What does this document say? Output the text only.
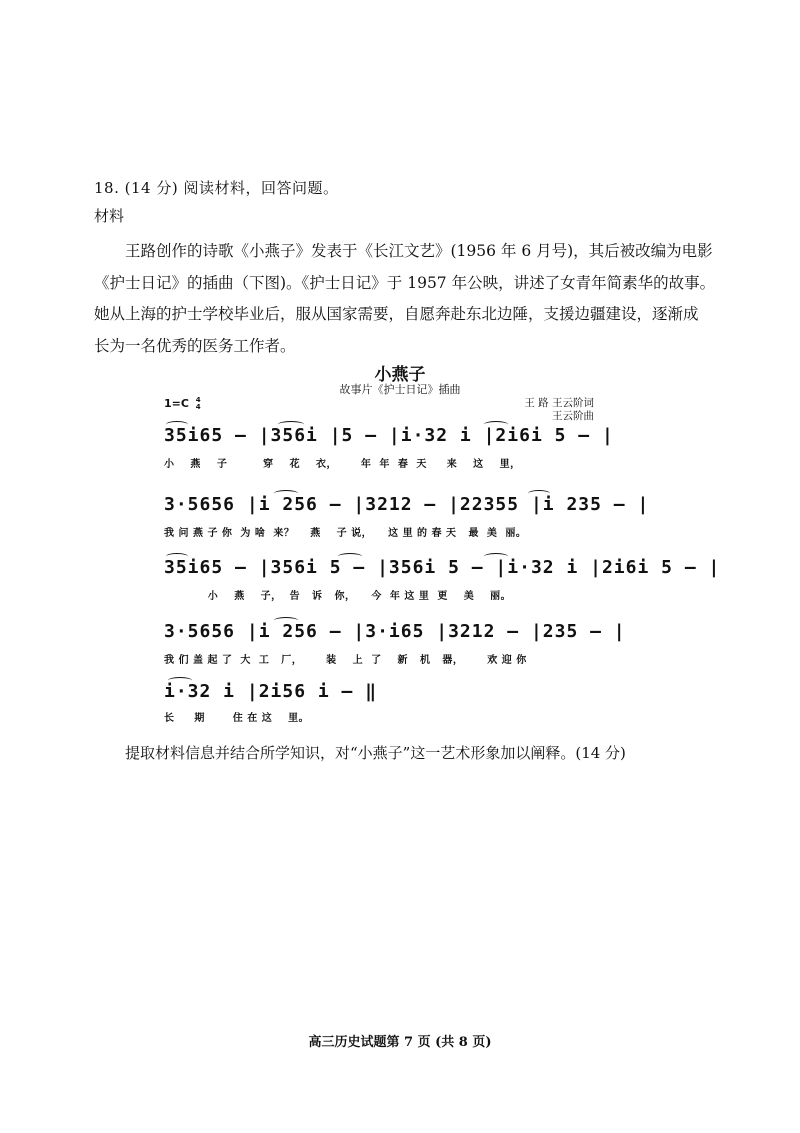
18. (14 分) 阅读材料，回答问题。
材料
王路创作的诗歌《小燕子》发表于《长江文艺》(1956 年 6 月号)，其后被改编为电影
《护士日记》的插曲（下图)。《护士日记》于 1957 年公映，讲述了女青年简素华的故事。
她从上海的护士学校毕业后，服从国家需要，自愿奔赴东北边陲，支援边疆建设，逐渐成
长为一名优秀的医务工作者。
小燕子
故事片《护士日记》插曲
1=C 4
4	王 路 王云阶词
王云阶曲
35i65 – |356i |5 – |i·32 i |2i6i 5 – |
小    燕    子         穿    花    衣，      年  年  春  天     来    这    里，
3·5656 |i 256 – |3212 – |22355 |i 235 – |
我 问 燕 子 你  为 啥  来？    燕    子 说，    这 里 的 春 天   最  美  丽。
35i65 – |356i 5 – |356i 5 – |i·32 i |2i6i 5 – |
小    燕    子，  告   诉   你，    今  年 这 里  更    美    丽。
3·5656 |i 256 – |3·i65 |3212 – |235 – |
我 们 盖 起 了  大  工   厂，      装    上  了    新   机   器，      欢 迎 你
i·32 i |2i56 i – ‖
长     期       住 在 这    里。
提取材料信息并结合所学知识，对“小燕子”这一艺术形象加以阐释。(14 分)
高三历史试题第 7 页 (共 8 页)
